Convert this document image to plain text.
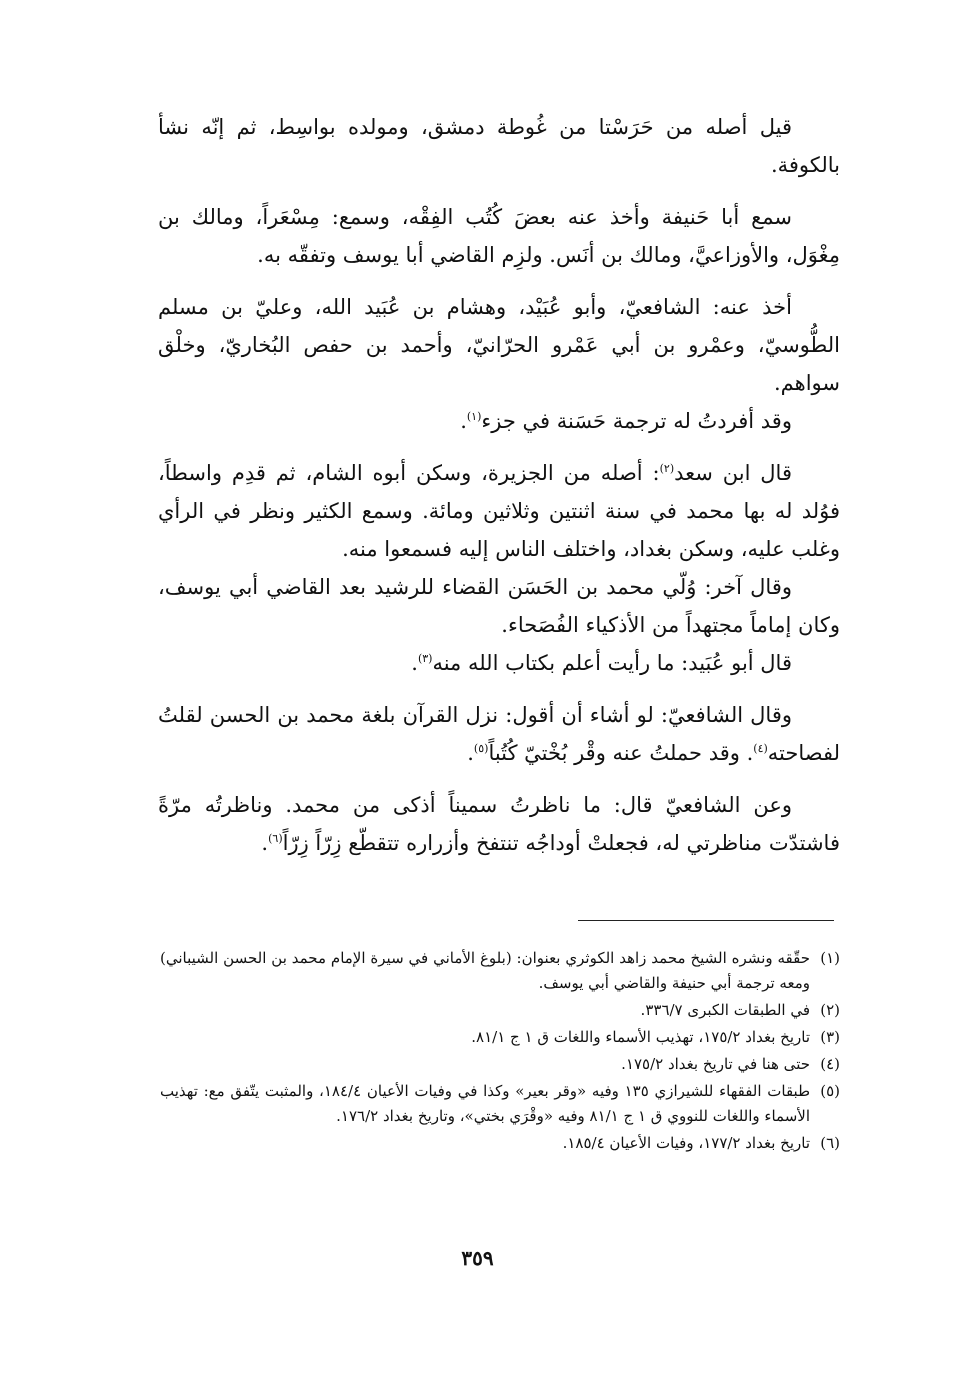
قيل أصله من حَرَسْتا من غُوطة دمشق، ومولده بواسِط، ثم إنّه نشأ بالكوفة.

سمع أبا حَنيفة وأخذ عنه بعضَ كُتُب الفِقْه، وسمع: مِسْعَراً، ومالك بن مِغْوَل، والأوزاعيَّ، ومالك بن أنَس. ولزِم القاضي أبا يوسف وتفقّه به.

أخذ عنه: الشافعيّ، وأبو عُبَيْد، وهشام بن عُبَيد الله، وعليّ بن مسلم الطُّوسيّ، وعمْرو بن أبي عَمْرو الحرّانيّ، وأحمد بن حفص البُخاريّ، وخلْق سواهم.

وقد أفردتُ له ترجمة حَسَنة في جزء$^{(١)}$.

قال ابن سعد$^{(٢)}$: أصله من الجزيرة، وسكن أبوه الشام، ثم قدِم واسطاً، فوُلد له بها محمد في سنة اثنتين وثلاثين ومائة. وسمع الكثير ونظر في الرأي وغلب عليه، وسكن بغداد، واختلف الناس إليه فسمعوا منه.

وقال آخر: وُلّي محمد بن الحَسَن القضاء للرشيد بعد القاضي أبي يوسف، وكان إماماً مجتهداً من الأذكياء الفُصَحاء.

قال أبو عُبَيد: ما رأيت أعلم بكتاب الله منه$^{(٣)}$.

وقال الشافعيّ: لو أشاء أن أقول: نزل القرآن بلغة محمد بن الحسن لقلتُ لفصاحته$^{(٤)}$. وقد حملتُ عنه وقْر بُخْتيّ كُتُباً$^{(٥)}$.

وعن الشافعيّ قال: ما ناظرتُ سميناً أذكى من محمد. وناظرتُه مرّةً فاشتدّت مناظرتي له، فجعلتْ أوداجُه تنتفخ وأزراره تتقطّع زِرّاً زِرّاً$^{(٦)}$.

(١)
حقّقه ونشره الشيخ محمد زاهد الكوثري بعنوان: (بلوغ الأماني في سيرة الإمام محمد بن الحسن الشيباني) ومعه ترجمة أبي حنيفة والقاضي أبي يوسف.
(٢)
في الطبقات الكبرى ٣٣٦/٧.
(٣)
تاريخ بغداد ١٧٥/٢، تهذيب الأسماء واللغات ق ١ ج ٨١/١.
(٤)
حتى هنا في تاريخ بغداد ١٧٥/٢.
(٥)
طبقات الفقهاء للشيرازي ١٣٥ وفيه «وقر بعير» وكذا في وفيات الأعيان ١٨٤/٤، والمثبت يتّفق مع: تهذيب الأسماء واللغات للنووي ق ١ ج ٨١/١ وفيه «وقْرَي بختي»، وتاريخ بغداد ١٧٦/٢.
(٦)
تاريخ بغداد ١٧٧/٢، وفيات الأعيان ١٨٥/٤.
٣٥٩
